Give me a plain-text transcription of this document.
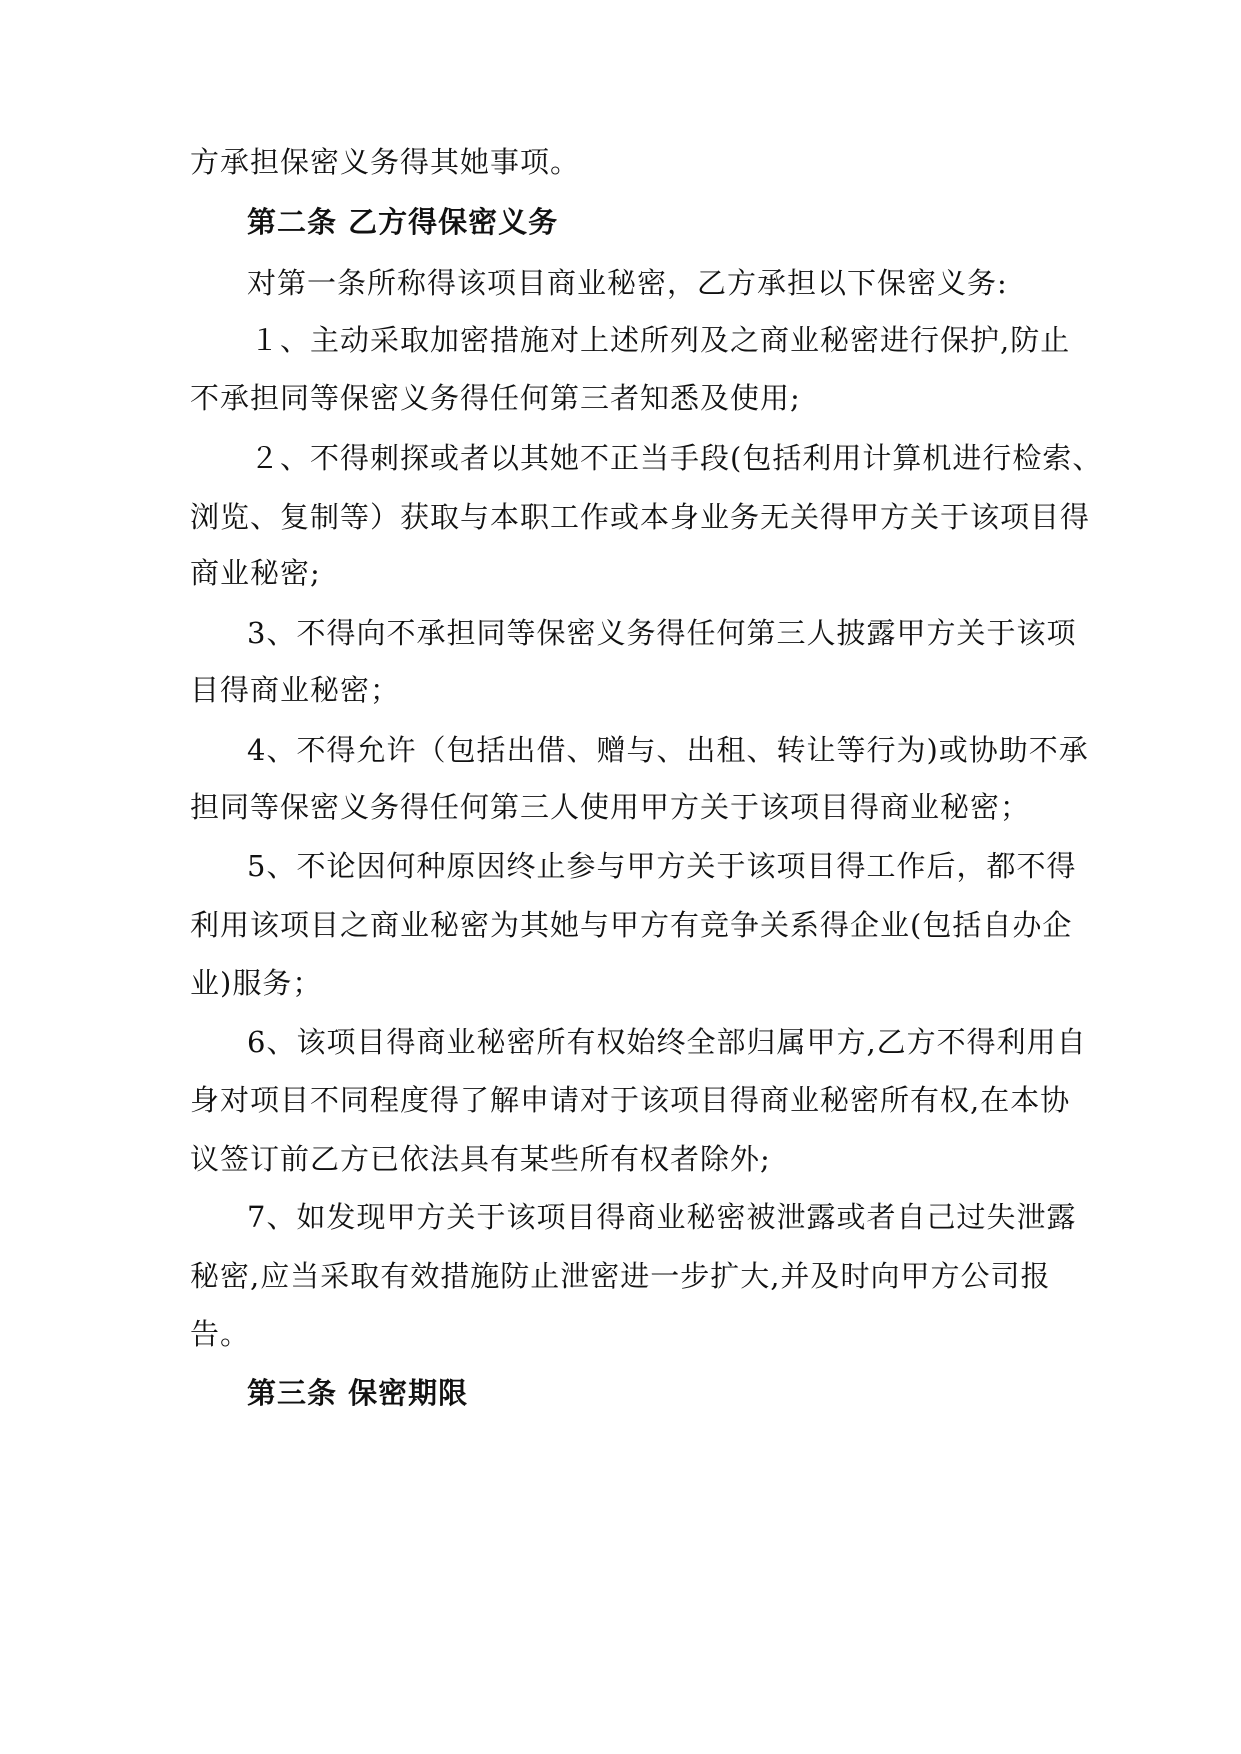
方承担保密义务得其她事项。
第二条 乙方得保密义务
对第一条所称得该项目商业秘密，乙方承担以下保密义务:
１、主动采取加密措施对上述所列及之商业秘密进行保护,防止
不承担同等保密义务得任何第三者知悉及使用;
２、不得刺探或者以其她不正当手段(包括利用计算机进行检索、
浏览、复制等）获取与本职工作或本身业务无关得甲方关于该项目得
商业秘密;
3、不得向不承担同等保密义务得任何第三人披露甲方关于该项
目得商业秘密；
4、不得允许（包括出借、赠与、出租、转让等行为)或协助不承
担同等保密义务得任何第三人使用甲方关于该项目得商业秘密；
5、不论因何种原因终止参与甲方关于该项目得工作后，都不得
利用该项目之商业秘密为其她与甲方有竞争关系得企业(包括自办企
业)服务；
6、该项目得商业秘密所有权始终全部归属甲方,乙方不得利用自
身对项目不同程度得了解申请对于该项目得商业秘密所有权,在本协
议签订前乙方已依法具有某些所有权者除外;
7、如发现甲方关于该项目得商业秘密被泄露或者自己过失泄露
秘密,应当采取有效措施防止泄密进一步扩大,并及时向甲方公司报
告。
第三条 保密期限
